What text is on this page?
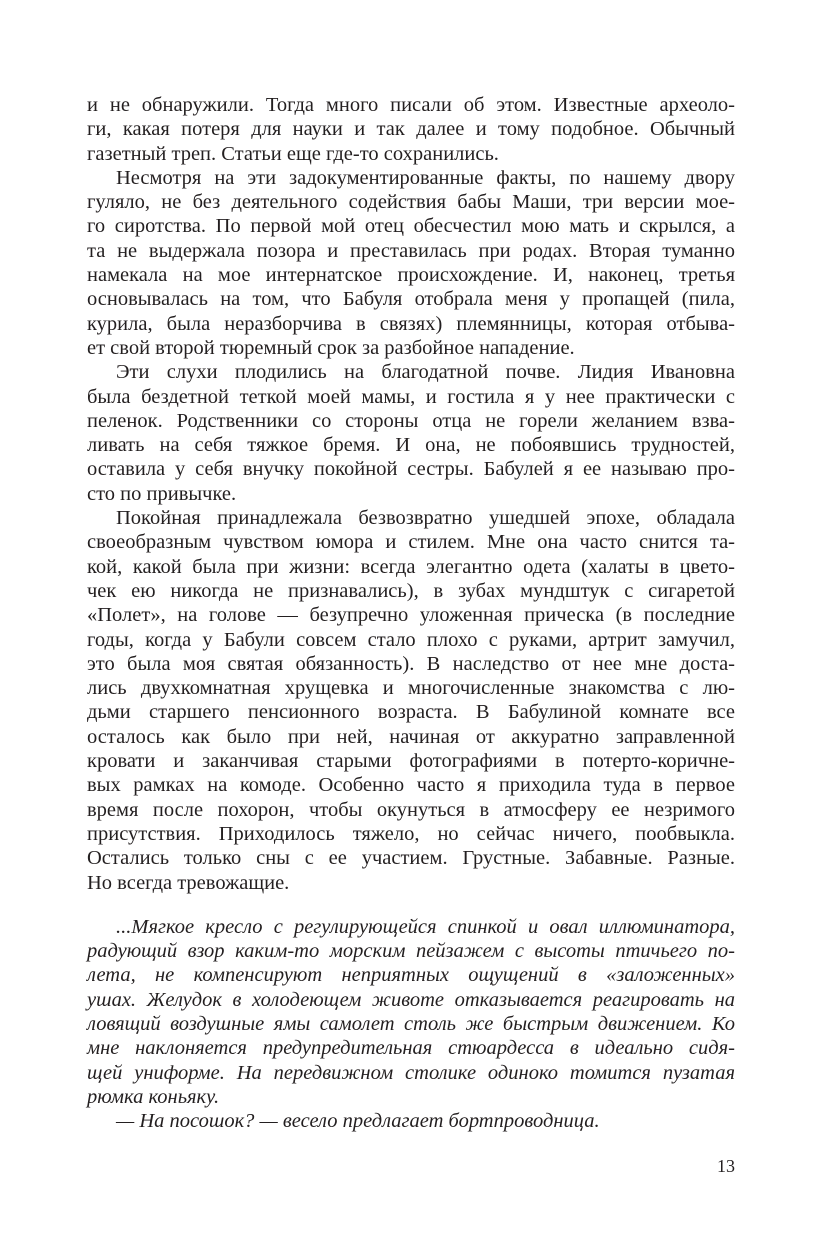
и не обнаружили. Тогда много писали об этом. Известные археоло-
ги, какая потеря для науки и так далее и тому подобное. Обычный
газетный треп. Статьи еще где-то сохранились.
Несмотря на эти задокументированные факты, по нашему двору
гуляло, не без деятельного содействия бабы Маши, три версии мое-
го сиротства. По первой мой отец обесчестил мою мать и скрылся, а
та не выдержала позора и преставилась при родах. Вторая туманно
намекала на мое интернатское происхождение. И, наконец, третья
основывалась на том, что Бабуля отобрала меня у пропащей (пила,
курила, была неразборчива в связях) племянницы, которая отбыва-
ет свой второй тюремный срок за разбойное нападение.
Эти слухи плодились на благодатной почве. Лидия Ивановна
была бездетной теткой моей мамы, и гостила я у нее практически с
пеленок. Родственники со стороны отца не горели желанием взва-
ливать на себя тяжкое бремя. И она, не побоявшись трудностей,
оставила у себя внучку покойной сестры. Бабулей я ее называю про-
сто по привычке.
Покойная принадлежала безвозвратно ушедшей эпохе, обладала
своеобразным чувством юмора и стилем. Мне она часто снится та-
кой, какой была при жизни: всегда элегантно одета (халаты в цвето-
чек ею никогда не признавались), в зубах мундштук с сигаретой
«Полет», на голове — безупречно уложенная прическа (в последние
годы, когда у Бабули совсем стало плохо с руками, артрит замучил,
это была моя святая обязанность). В наследство от нее мне доста-
лись двухкомнатная хрущевка и многочисленные знакомства с лю-
дьми старшего пенсионного возраста. В Бабулиной комнате все
осталось как было при ней, начиная от аккуратно заправленной
кровати и заканчивая старыми фотографиями в потерто-коричне-
вых рамках на комоде. Особенно часто я приходила туда в первое
время после похорон, чтобы окунуться в атмосферу ее незримого
присутствия. Приходилось тяжело, но сейчас ничего, пообвыкла.
Остались только сны с ее участием. Грустные. Забавные. Разные.
Но всегда тревожащие.
...Мягкое кресло с регулирующейся спинкой и овал иллюминатора,
радующий взор каким-то морским пейзажем с высоты птичьего по-
лета, не компенсируют неприятных ощущений в «заложенных»
ушах. Желудок в холодеющем животе отказывается реагировать на
ловящий воздушные ямы самолет столь же быстрым движением. Ко
мне наклоняется предупредительная стюардесса в идеально сидя-
щей униформе. На передвижном столике одиноко томится пузатая
рюмка коньяку.
— На посошок? — весело предлагает бортпроводница.
13
